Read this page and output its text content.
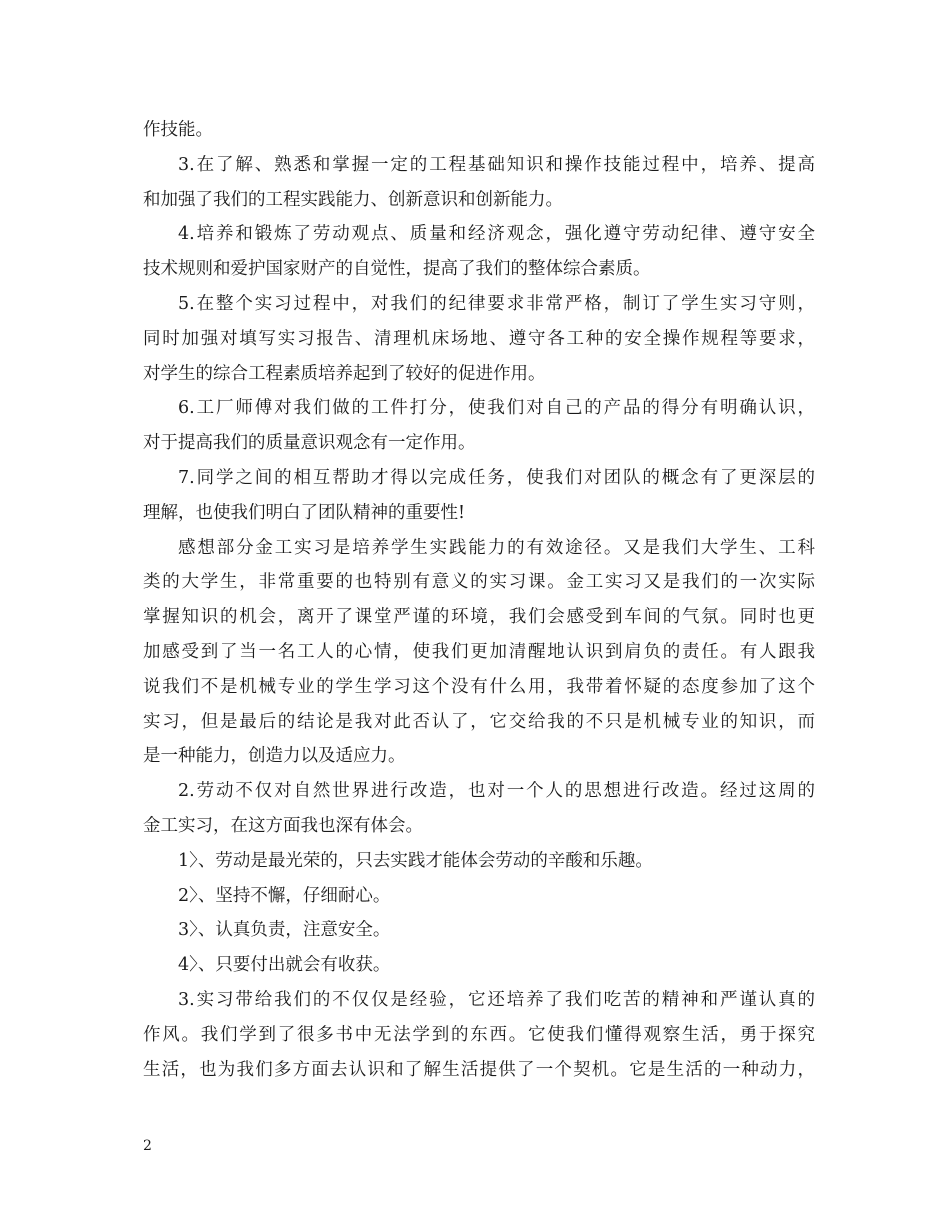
作技能。
3.在了解、熟悉和掌握一定的工程基础知识和操作技能过程中，培养、提高
和加强了我们的工程实践能力、创新意识和创新能力。
4.培养和锻炼了劳动观点、质量和经济观念，强化遵守劳动纪律、遵守安全
技术规则和爱护国家财产的自觉性，提高了我们的整体综合素质。
5.在整个实习过程中，对我们的纪律要求非常严格，制订了学生实习守则，
同时加强对填写实习报告、清理机床场地、遵守各工种的安全操作规程等要求，
对学生的综合工程素质培养起到了较好的促进作用。
6.工厂师傅对我们做的工件打分，使我们对自己的产品的得分有明确认识，
对于提高我们的质量意识观念有一定作用。
7.同学之间的相互帮助才得以完成任务，使我们对团队的概念有了更深层的
理解，也使我们明白了团队精神的重要性!
感想部分金工实习是培养学生实践能力的有效途径。又是我们大学生、工科
类的大学生，非常重要的也特别有意义的实习课。金工实习又是我们的一次实际
掌握知识的机会，离开了课堂严谨的环境，我们会感受到车间的气氛。同时也更
加感受到了当一名工人的心情，使我们更加清醒地认识到肩负的责任。有人跟我
说我们不是机械专业的学生学习这个没有什么用，我带着怀疑的态度参加了这个
实习，但是最后的结论是我对此否认了，它交给我的不只是机械专业的知识，而
是一种能力，创造力以及适应力。
2.劳动不仅对自然世界进行改造，也对一个人的思想进行改造。经过这周的
金工实习，在这方面我也深有体会。
1〉、劳动是最光荣的，只去实践才能体会劳动的辛酸和乐趣。
2〉、坚持不懈，仔细耐心。
3〉、认真负责，注意安全。
4〉、只要付出就会有收获。
3.实习带给我们的不仅仅是经验，它还培养了我们吃苦的精神和严谨认真的
作风。我们学到了很多书中无法学到的东西。它使我们懂得观察生活，勇于探究
生活，也为我们多方面去认识和了解生活提供了一个契机。它是生活的一种动力，
2
